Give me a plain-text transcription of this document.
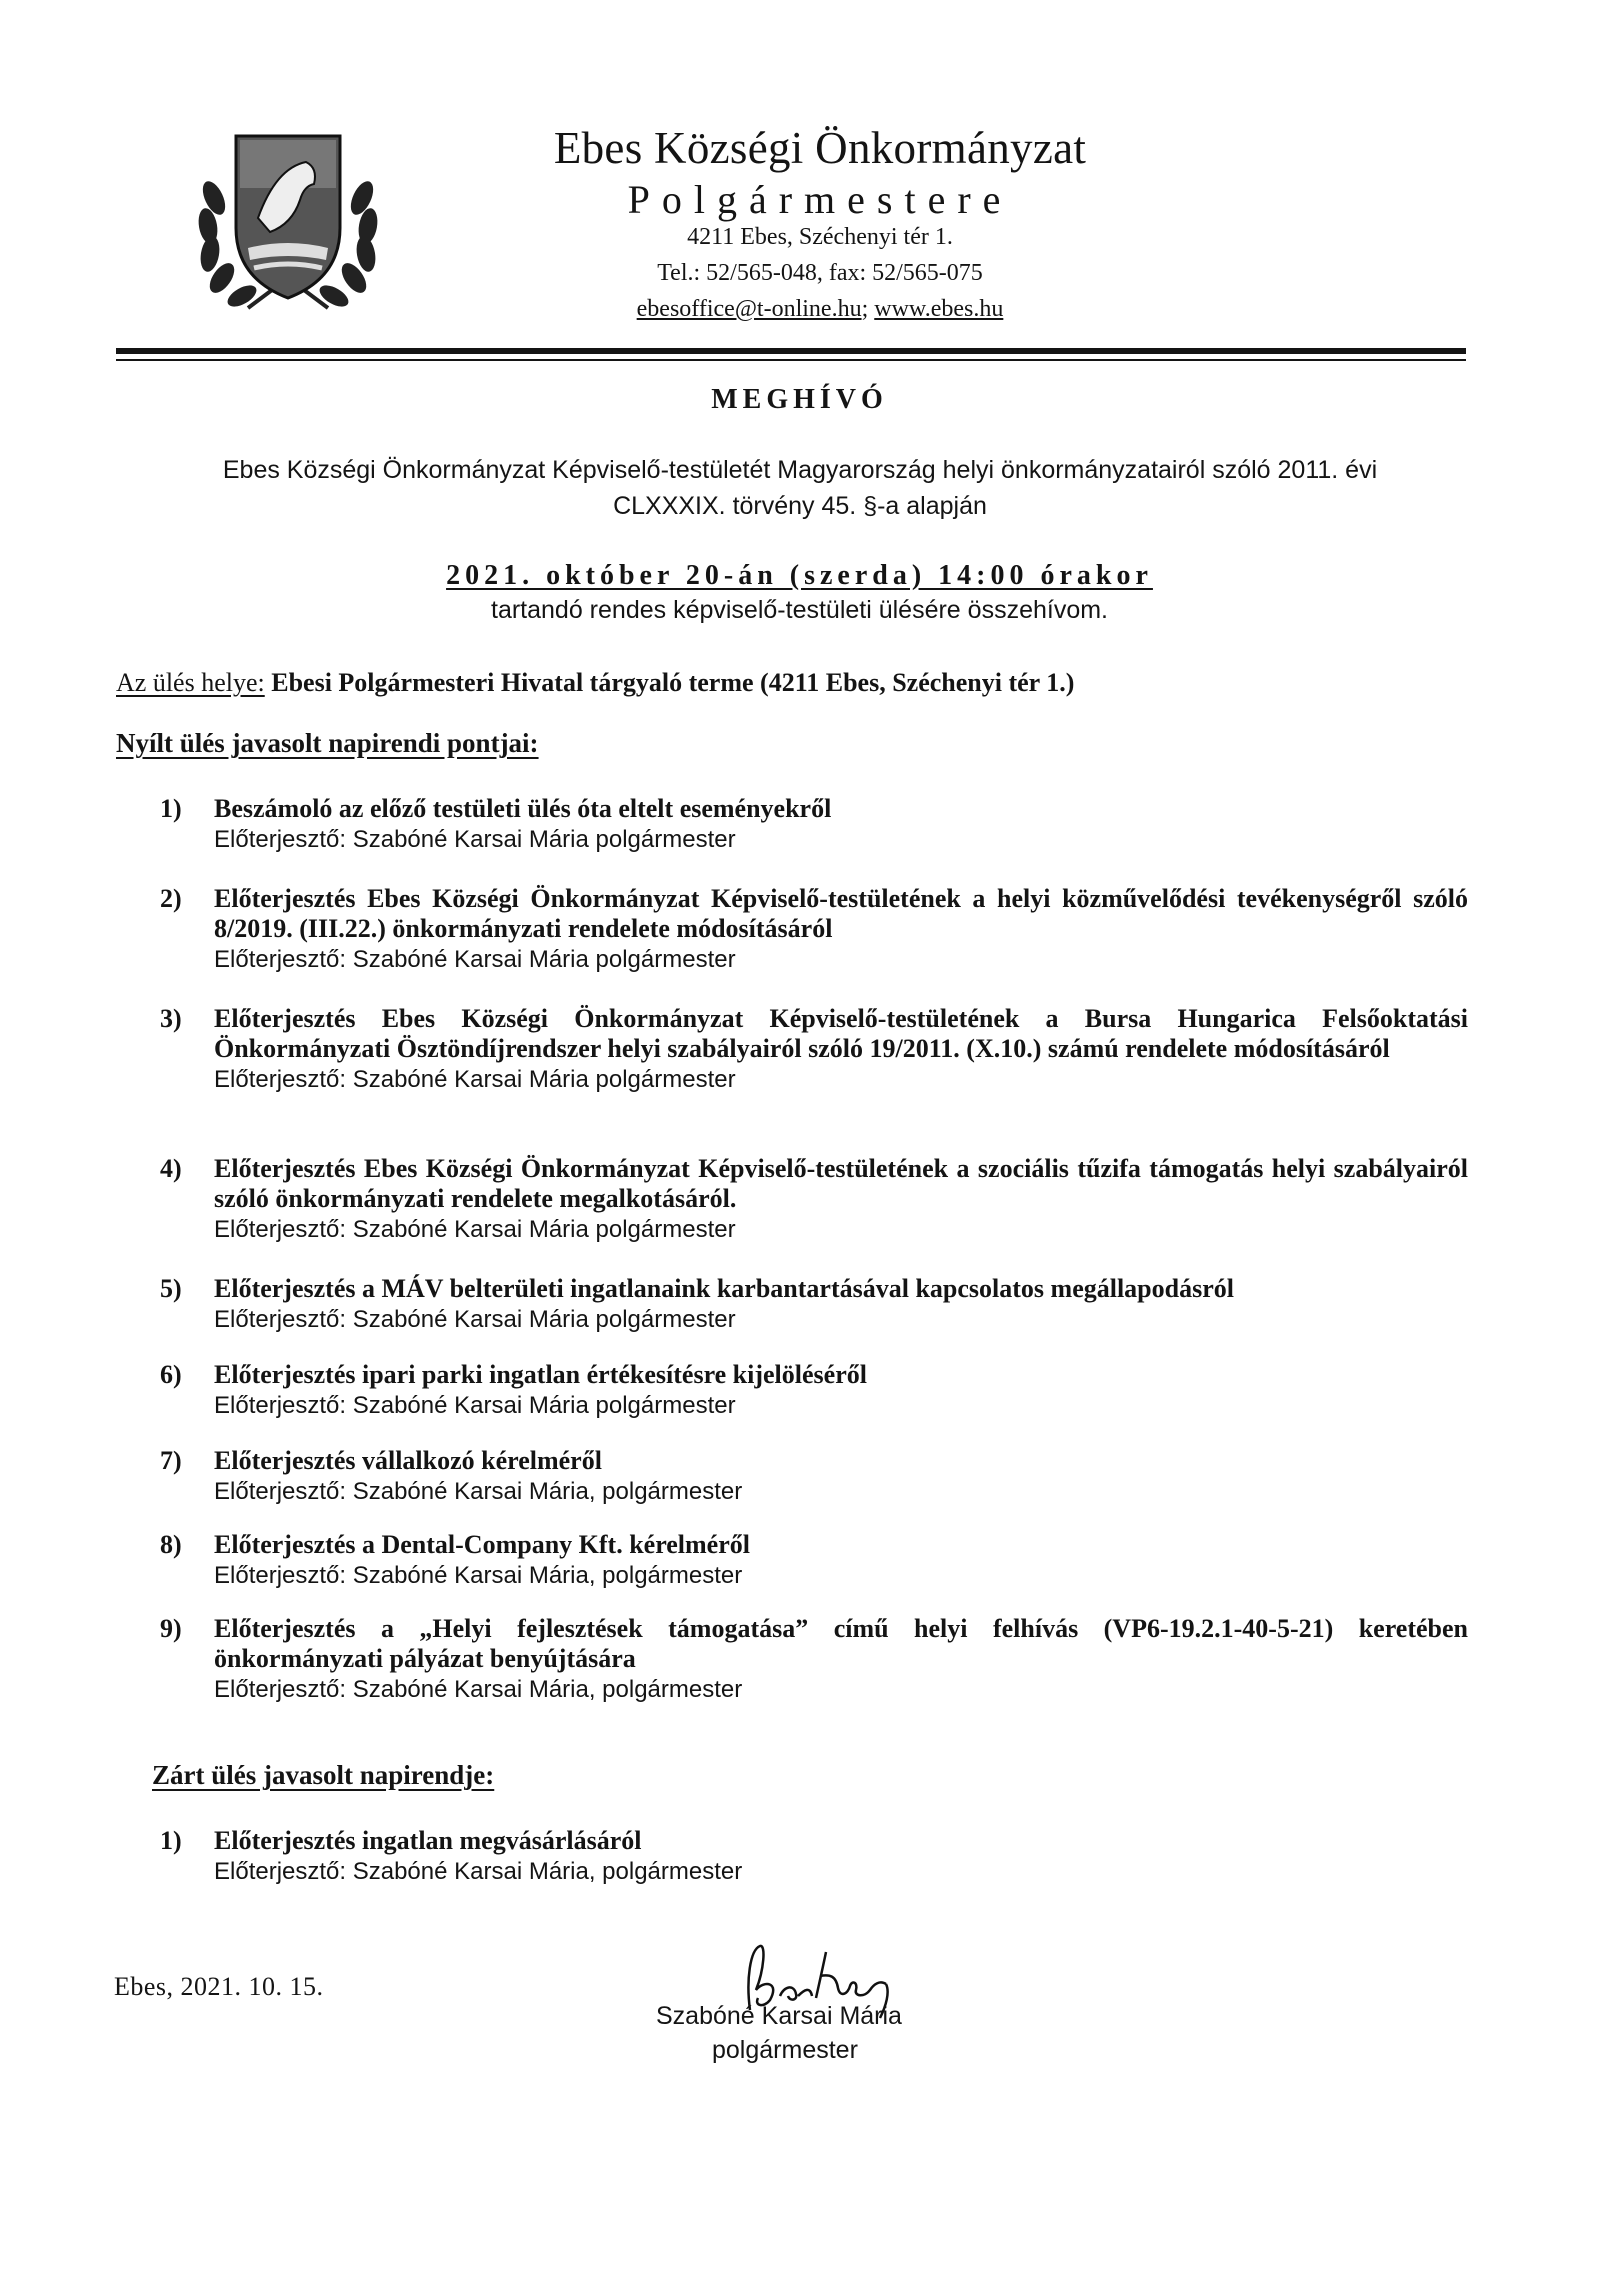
Ebes Községi Önkormányzat
Polgármestere
4211 Ebes, Széchenyi tér 1.
Tel.: 52/565-048, fax: 52/565-075
ebesoffice@t-online.hu; www.ebes.hu
MEGHÍVÓ
Ebes Községi Önkormányzat Képviselő-testületét Magyarország helyi önkormányzatairól szóló 2011. évi
CLXXXIX. törvény 45. §-a alapján
2021. október 20-án (szerda) 14:00 órakor
tartandó rendes képviselő-testületi ülésére összehívom.
Az ülés helye: Ebesi Polgármesteri Hivatal tárgyaló terme (4211 Ebes, Széchenyi tér 1.)
Nyílt ülés javasolt napirendi pontjai:
1)	Beszámoló az előző testületi ülés óta eltelt eseményekről
Előterjesztő: Szabóné Karsai Mária polgármester
2)	Előterjesztés Ebes Községi Önkormányzat Képviselő-testületének a helyi közművelődési tevékenységről szóló 8/2019. (III.22.) önkormányzati rendelete módosításáról
Előterjesztő: Szabóné Karsai Mária polgármester
3)	Előterjesztés Ebes Községi Önkormányzat Képviselő-testületének a Bursa Hungarica Felsőoktatási Önkormányzati Ösztöndíjrendszer helyi szabályairól szóló 19/2011. (X.10.) számú rendelete módosításáról
Előterjesztő: Szabóné Karsai Mária polgármester
4)	Előterjesztés Ebes Községi Önkormányzat Képviselő-testületének a szociális tűzifa támogatás helyi szabályairól szóló önkormányzati rendelete megalkotásáról.
Előterjesztő: Szabóné Karsai Mária polgármester
5)	Előterjesztés a MÁV belterületi ingatlanaink karbantartásával kapcsolatos megállapodásról
Előterjesztő: Szabóné Karsai Mária polgármester
6)	Előterjesztés ipari parki ingatlan értékesítésre kijelöléséről
Előterjesztő: Szabóné Karsai Mária polgármester
7)	Előterjesztés vállalkozó kérelméről
Előterjesztő: Szabóné Karsai Mária, polgármester
8)	Előterjesztés a Dental-Company Kft. kérelméről
Előterjesztő: Szabóné Karsai Mária, polgármester
9)	Előterjesztés a „Helyi fejlesztések támogatása” című helyi felhívás (VP6-19.2.1-40-5-21) keretében önkormányzati pályázat benyújtására
Előterjesztő: Szabóné Karsai Mária, polgármester
Zárt ülés javasolt napirendje:
1)	Előterjesztés ingatlan megvásárlásáról
Előterjesztő: Szabóné Karsai Mária, polgármester
Ebes, 2021. 10. 15.
Szabóné Karsai Mária
polgármester
